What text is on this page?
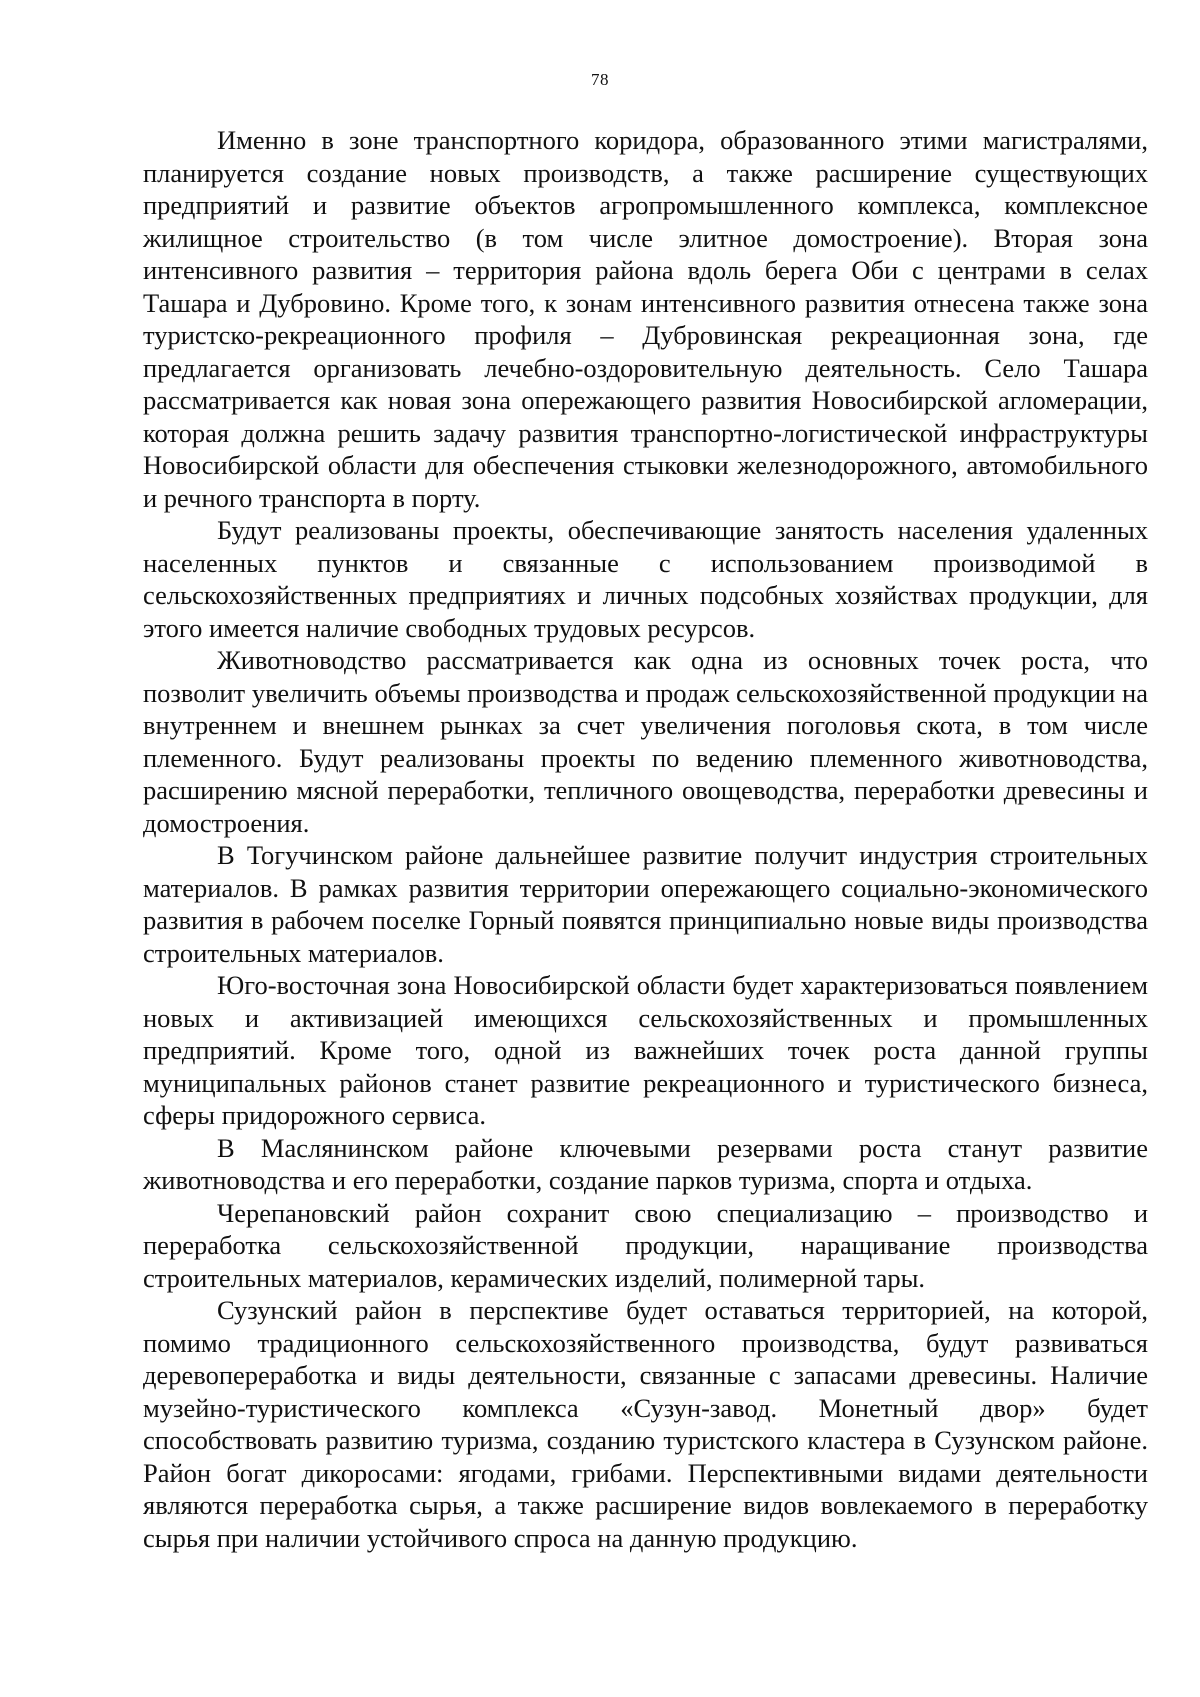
78

Именно в зоне транспортного коридора, образованного этими магистралями, планируется создание новых производств, а также расширение существующих предприятий и развитие объектов агропромышленного комплекса, комплексное жилищное строительство (в том числе элитное домостроение). Вторая зона интенсивного развития – территория района вдоль берега Оби с центрами в селах Ташара и Дубровино. Кроме того, к зонам интенсивного развития отнесена также зона туристско-рекреационного профиля – Дубровинская рекреационная зона, где предлагается организовать лечебно-оздоровительную деятельность. Село Ташара рассматривается как новая зона опережающего развития Новосибирской агломерации, которая должна решить задачу развития транспортно-логистической инфраструктуры Новосибирской области для обеспечения стыковки железнодорожного, автомобильного и речного транспорта в порту.

Будут реализованы проекты, обеспечивающие занятость населения удаленных населенных пунктов и связанные с использованием производимой в сельскохозяйственных предприятиях и личных подсобных хозяйствах продукции, для этого имеется наличие свободных трудовых ресурсов.

Животноводство рассматривается как одна из основных точек роста, что позволит увеличить объемы производства и продаж сельскохозяйственной продукции на внутреннем и внешнем рынках за счет увеличения поголовья скота, в том числе племенного. Будут реализованы проекты по ведению племенного животноводства, расширению мясной переработки, тепличного овощеводства, переработки древесины и домостроения.

В Тогучинском районе дальнейшее развитие получит индустрия строительных материалов. В рамках развития территории опережающего социально-экономического развития в рабочем поселке Горный появятся принципиально новые виды производства строительных материалов.

Юго-восточная зона Новосибирской области будет характеризоваться появлением новых и активизацией имеющихся сельскохозяйственных и промышленных предприятий. Кроме того, одной из важнейших точек роста данной группы муниципальных районов станет развитие рекреационного и туристического бизнеса, сферы придорожного сервиса.

В Маслянинском районе ключевыми резервами роста станут развитие животноводства и его переработки, создание парков туризма, спорта и отдыха.

Черепановский район сохранит свою специализацию – производство и переработка сельскохозяйственной продукции, наращивание производства строительных материалов, керамических изделий, полимерной тары.

Сузунский район в перспективе будет оставаться территорией, на которой, помимо традиционного сельскохозяйственного производства, будут развиваться деревопереработка и виды деятельности, связанные с запасами древесины. Наличие музейно-туристического комплекса «Сузун-завод. Монетный двор» будет способствовать развитию туризма, созданию туристского кластера в Сузунском районе. Район богат дикоросами: ягодами, грибами. Перспективными видами деятельности являются переработка сырья, а также расширение видов вовлекаемого в переработку сырья при наличии устойчивого спроса на данную продукцию.
